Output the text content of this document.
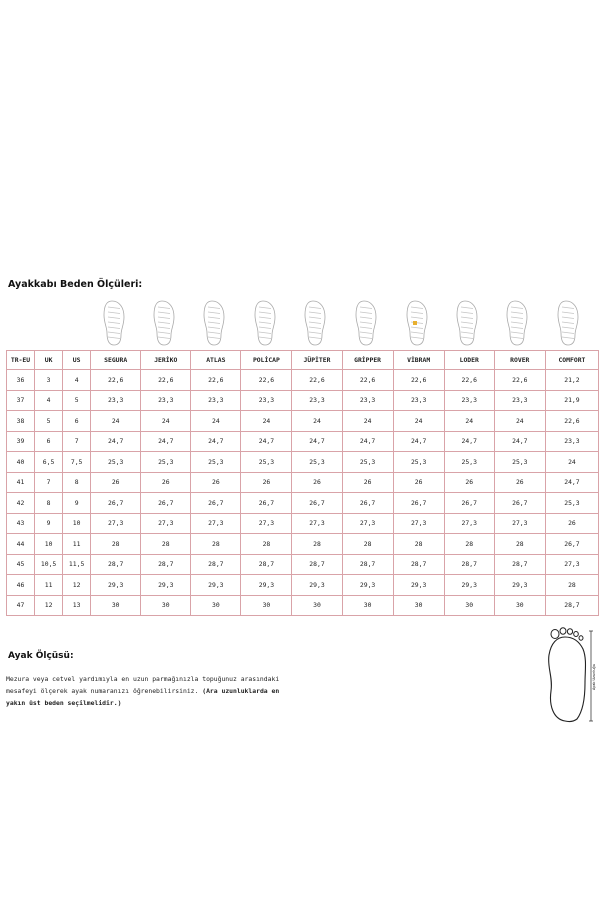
Ayakkabı Beden Ölçüleri:
TR-EU	UK	US	SEGURA	JERİKO	ATLAS	POLİCAP	JÜPİTER	GRİPPER	VİBRAM	LODER	ROVER	COMFORT
36	3	4	22,6	22,6	22,6	22,6	22,6	22,6	22,6	22,6	22,6	21,2
37	4	5	23,3	23,3	23,3	23,3	23,3	23,3	23,3	23,3	23,3	21,9
38	5	6	24	24	24	24	24	24	24	24	24	22,6
39	6	7	24,7	24,7	24,7	24,7	24,7	24,7	24,7	24,7	24,7	23,3
40	6,5	7,5	25,3	25,3	25,3	25,3	25,3	25,3	25,3	25,3	25,3	24
41	7	8	26	26	26	26	26	26	26	26	26	24,7
42	8	9	26,7	26,7	26,7	26,7	26,7	26,7	26,7	26,7	26,7	25,3
43	9	10	27,3	27,3	27,3	27,3	27,3	27,3	27,3	27,3	27,3	26
44	10	11	28	28	28	28	28	28	28	28	28	26,7
45	10,5	11,5	28,7	28,7	28,7	28,7	28,7	28,7	28,7	28,7	28,7	27,3
46	11	12	29,3	29,3	29,3	29,3	29,3	29,3	29,3	29,3	29,3	28
47	12	13	30	30	30	30	30	30	30	30	30	28,7
Ayak Ölçüsü:
Mezura veya cetvel yardımıyla en uzun parmağınızla topuğunuz arasındaki mesafeyi ölçerek ayak numaranızı öğrenebilirsiniz. (Ara uzunluklarda en yakın üst beden seçilmelidir.)
Ayak Uzunluğu
